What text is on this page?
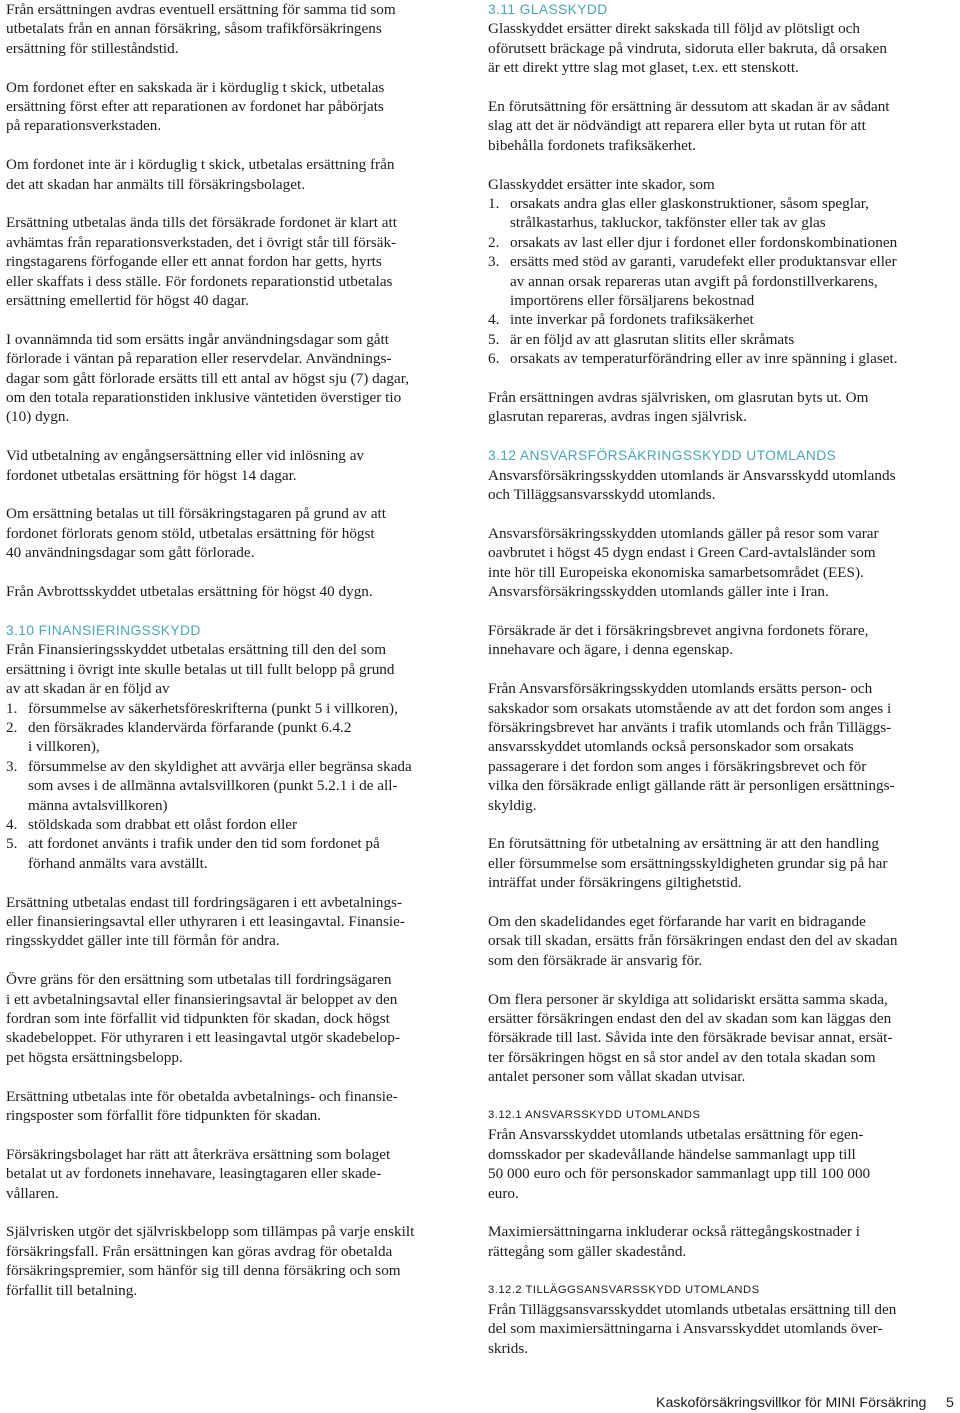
Från ersättningen avdras eventuell ersättning för samma tid som
utbetalats från en annan försäkring, såsom trafikförsäkringens
ersättning för stilleståndstid.

Om fordonet efter en sakskada är i körduglig t skick, utbetalas
ersättning först efter att reparationen av fordonet har påbörjats
på reparationsverkstaden.

Om fordonet inte är i körduglig t skick, utbetalas ersättning från
det att skadan har anmälts till försäkringsbolaget.

Ersättning utbetalas ända tills det försäkrade fordonet är klart att
avhämtas från reparationsverkstaden, det i övrigt står till försäk-
ringstagarens förfogande eller ett annat fordon har getts, hyrts
eller skaffats i dess ställe. För fordonets reparationstid utbetalas
ersättning emellertid för högst 40 dagar.

I ovannämnda tid som ersätts ingår användningsdagar som gått
förlorade i väntan på reparation eller reservdelar. Användnings-
dagar som gått förlorade ersätts till ett antal av högst sju (7) dagar,
om den totala reparationstiden inklusive väntetiden överstiger tio
(10) dygn.

Vid utbetalning av engångsersättning eller vid inlösning av
fordonet utbetalas ersättning för högst 14 dagar.

Om ersättning betalas ut till försäkringstagaren på grund av att
fordonet förlorats genom stöld, utbetalas ersättning för högst
40 användningsdagar som gått förlorade.

Från Avbrottsskyddet utbetalas ersättning för högst 40 dygn.

3.10 FINANSIERINGSSKYDD

Från Finansieringsskyddet utbetalas ersättning till den del som
ersättning i övrigt inte skulle betalas ut till fullt belopp på grund
av att skadan är en följd av

1. försummelse av säkerhetsföreskrifterna (punkt 5 i villkoren),
2. den försäkrades klandervärda förfarande (punkt 6.4.2
i villkoren),
3. försummelse av den skyldighet att avvärja eller begränsa skada
som avses i de allmänna avtalsvillkoren (punkt 5.2.1 i de all-
männa avtalsvillkoren)
4. stöldskada som drabbat ett olåst fordon eller
5. att fordonet använts i trafik under den tid som fordonet på
förhand anmälts vara avställt.

Ersättning utbetalas endast till fordringsägaren i ett avbetalnings-
eller finansieringsavtal eller uthyraren i ett leasingavtal. Finansie-
ringsskyddet gäller inte till förmån för andra.

Övre gräns för den ersättning som utbetalas till fordringsägaren
i ett avbetalningsavtal eller finansieringsavtal är beloppet av den
fordran som inte förfallit vid tidpunkten för skadan, dock högst
skadebeloppet. För uthyraren i ett leasingavtal utgör skadebelop-
pet högsta ersättningsbelopp.

Ersättning utbetalas inte för obetalda avbetalnings- och finansie-
ringsposter som förfallit före tidpunkten för skadan.

Försäkringsbolaget har rätt att återkräva ersättning som bolaget
betalat ut av fordonets innehavare, leasingtagaren eller skade-
vållaren.

Självrisken utgör det självriskbelopp som tillämpas på varje enskilt
försäkringsfall. Från ersättningen kan göras avdrag för obetalda
försäkringspremier, som hänför sig till denna försäkring och som
förfallit till betalning.

3.11 GLASSKYDD

Glasskyddet ersätter direkt sakskada till följd av plötsligt och
oförutsett bräckage på vindruta, sidoruta eller bakruta, då orsaken
är ett direkt yttre slag mot glaset, t.ex. ett stenskott.

En förutsättning för ersättning är dessutom att skadan är av sådant
slag att det är nödvändigt att reparera eller byta ut rutan för att
bibehålla fordonets trafiksäkerhet.

Glasskyddet ersätter inte skador, som

1. orsakats andra glas eller glaskonstruktioner, såsom speglar,
strålkastarhus, takluckor, takfönster eller tak av glas
2. orsakats av last eller djur i fordonet eller fordonskombinationen
3. ersätts med stöd av garanti, varudefekt eller produktansvar eller
av annan orsak repareras utan avgift på fordonstillverkarens,
importörens eller försäljarens bekostnad
4. inte inverkar på fordonets trafiksäkerhet
5. är en följd av att glasrutan slitits eller skråmats
6. orsakats av temperaturförändring eller av inre spänning i glaset.

Från ersättningen avdras självrisken, om glasrutan byts ut. Om
glasrutan repareras, avdras ingen självrisk.

3.12 ANSVARSFÖRSÄKRINGSSKYDD UTOMLANDS

Ansvarsförsäkringsskydden utomlands är Ansvarsskydd utomlands
och Tilläggsansvarsskydd utomlands.

Ansvarsförsäkringsskydden utomlands gäller på resor som varar
oavbrutet i högst 45 dygn endast i Green Card-avtalsländer som
inte hör till Europeiska ekonomiska samarbetsområdet (EES).
Ansvarsförsäkringsskydden utomlands gäller inte i Iran.

Försäkrade är det i försäkringsbrevet angivna fordonets förare,
innehavare och ägare, i denna egenskap.

Från Ansvarsförsäkringsskydden utomlands ersätts person- och
sakskador som orsakats utomstående av att det fordon som anges i
försäkringsbrevet har använts i trafik utomlands och från Tilläggs-
ansvarsskyddet utomlands också personskador som orsakats
passagerare i det fordon som anges i försäkringsbrevet och för
vilka den försäkrade enligt gällande rätt är personligen ersättnings-
skyldig.

En förutsättning för utbetalning av ersättning är att den handling
eller försummelse som ersättningsskyldigheten grundar sig på har
inträffat under försäkringens giltighetstid.

Om den skadelidandes eget förfarande har varit en bidragande
orsak till skadan, ersätts från försäkringen endast den del av skadan
som den försäkrade är ansvarig för.

Om flera personer är skyldiga att solidariskt ersätta samma skada,
ersätter försäkringen endast den del av skadan som kan läggas den
försäkrade till last. Såvida inte den försäkrade bevisar annat, ersät-
ter försäkringen högst en så stor andel av den totala skadan som
antalet personer som vållat skadan utvisar.

3.12.1 ANSVARSSKYDD UTOMLANDS

Från Ansvarsskyddet utomlands utbetalas ersättning för egen-
domsskador per skadevållande händelse sammanlagt upp till
50 000 euro och för personskador sammanlagt upp till 100 000
euro.

Maximiersättningarna inkluderar också rättegångskostnader i
rättegång som gäller skadestånd.

3.12.2 TILLÄGGSANSVARSSKYDD UTOMLANDS

Från Tilläggsansvarsskyddet utomlands utbetalas ersättning till den
del som maximiersättningarna i Ansvarsskyddet utomlands över-
skrids.

Kaskoförsäkringsvillkor för MINI Försäkring 5
